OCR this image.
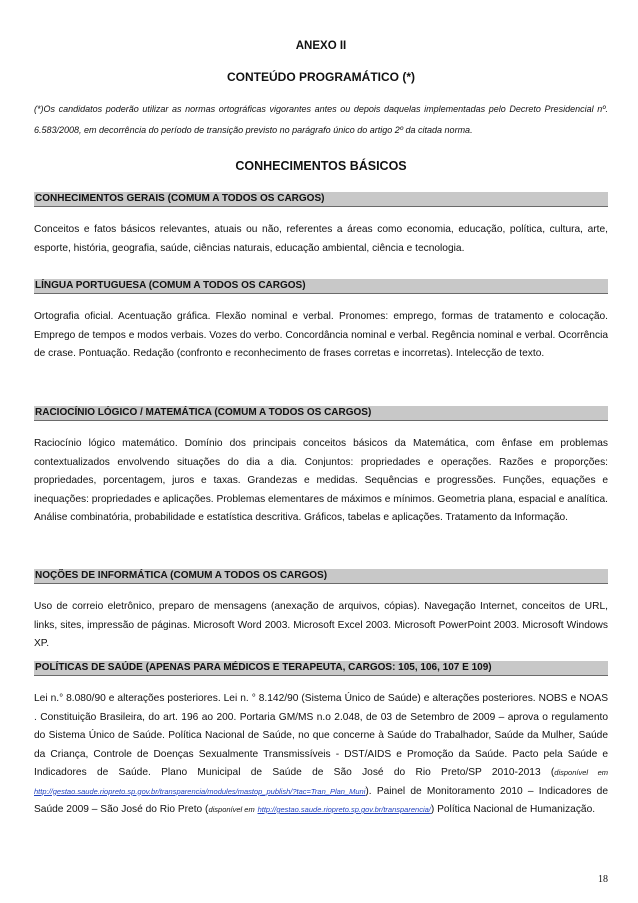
ANEXO II
CONTEÚDO PROGRAMÁTICO (*)
(*)Os candidatos poderão utilizar as normas ortográficas vigorantes antes ou depois daquelas implementadas pelo Decreto Presidencial nº. 6.583/2008, em decorrência do período de transição previsto no parágrafo único do artigo 2º da citada norma.
CONHECIMENTOS BÁSICOS
CONHECIMENTOS GERAIS (COMUM A TODOS OS CARGOS)

Conceitos e fatos básicos relevantes, atuais ou não, referentes a áreas como economia, educação, política, cultura, arte, esporte, história, geografia, saúde, ciências naturais, educação ambiental, ciência e tecnologia.

LÍNGUA PORTUGUESA (COMUM A TODOS OS CARGOS)

Ortografia oficial. Acentuação gráfica. Flexão nominal e verbal. Pronomes: emprego, formas de tratamento e colocação. Emprego de tempos e modos verbais. Vozes do verbo. Concordância nominal e verbal. Regência nominal e verbal. Ocorrência de crase. Pontuação. Redação (confronto e reconhecimento de frases corretas e incorretas). Intelecção de texto.

RACIOCÍNIO LÓGICO / MATEMÁTICA (COMUM A TODOS OS CARGOS)

Raciocínio lógico matemático. Domínio dos principais conceitos básicos da Matemática, com ênfase em problemas contextualizados envolvendo situações do dia a dia. Conjuntos: propriedades e operações. Razões e proporções: propriedades, porcentagem, juros e taxas. Grandezas e medidas. Sequências e progressões. Funções, equações e inequações: propriedades e aplicações. Problemas elementares de máximos e mínimos. Geometria plana, espacial e analítica. Análise combinatória, probabilidade e estatística descritiva. Gráficos, tabelas e aplicações. Tratamento da Informação.

NOÇÕES DE INFORMÁTICA (COMUM A TODOS OS CARGOS)

Uso de correio eletrônico, preparo de mensagens (anexação de arquivos, cópias). Navegação Internet, conceitos de URL, links, sites, impressão de páginas. Microsoft Word 2003. Microsoft Excel 2003. Microsoft PowerPoint 2003. Microsoft Windows XP.

POLÍTICAS DE SAÚDE (APENAS PARA MÉDICOS E TERAPEUTA, CARGOS: 105, 106, 107 E 109)

Lei n.° 8.080/90 e alterações posteriores. Lei n. ° 8.142/90 (Sistema Único de Saúde) e alterações posteriores. NOBS e NOAS . Constituição Brasileira, do art. 196 ao 200. Portaria GM/MS n.o 2.048, de 03 de Setembro de 2009 – aprova o regulamento do Sistema Único de Saúde. Política Nacional de Saúde, no que concerne à Saúde do Trabalhador, Saúde da Mulher, Saúde da Criança, Controle de Doenças Sexualmente Transmissíveis - DST/AIDS e Promoção da Saúde. Pacto pela Saúde e Indicadores de Saúde. Plano Municipal de Saúde de São José do Rio Preto/SP 2010-2013 (disponível em http://gestao.saude.riopreto.sp.gov.br/transparencia/modules/mastop_publish/?tac=Tran_Plan_Muni). Painel de Monitoramento 2010 – Indicadores de Saúde 2009 – São José do Rio Preto (disponível em http://gestao.saude.riopreto.sp.gov.br/transparencia/) Política Nacional de Humanização.

18
